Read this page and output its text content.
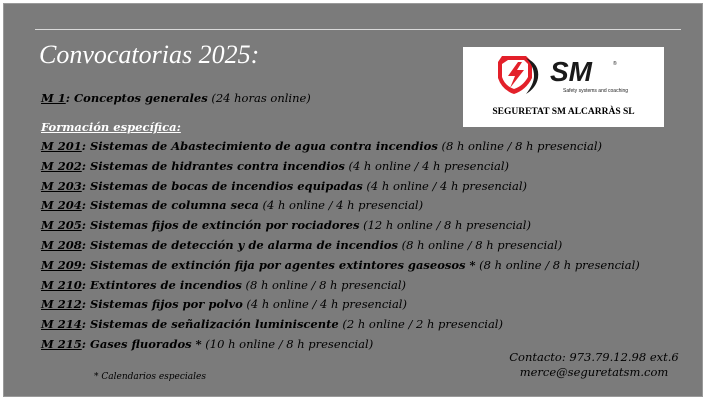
Convocatorias 2025:
SM	®
Safety systems and coaching
SEGURETAT SM ALCARRÀS SL
M 1: Conceptos generales (24 horas online)
Formación específica:
M 201: Sistemas de Abastecimiento de agua contra incendios (8 h online / 8 h presencial)
M 202: Sistemas de hidrantes contra incendios (4 h online / 4 h presencial)
M 203: Sistemas de bocas de incendios equipadas (4 h online / 4 h presencial)
M 204: Sistemas de columna seca (4 h online / 4 h presencial)
M 205: Sistemas fijos de extinción por rociadores (12 h online / 8 h presencial)
M 208: Sistemas de detección y de alarma de incendios (8 h online / 8 h presencial)
M 209: Sistemas de extinción fija por agentes extintores gaseosos * (8 h online / 8 h presencial)
M 210: Extintores de incendios (8 h online / 8 h presencial)
M 212: Sistemas fijos por polvo (4 h online / 4 h presencial)
M 214: Sistemas de señalización luminiscente (2 h online / 2 h presencial)
M 215: Gases fluorados * (10 h online / 8 h presencial)
Contacto: 973.79.12.98 ext.6
merce@seguretatsm.com
* Calendarios especiales
